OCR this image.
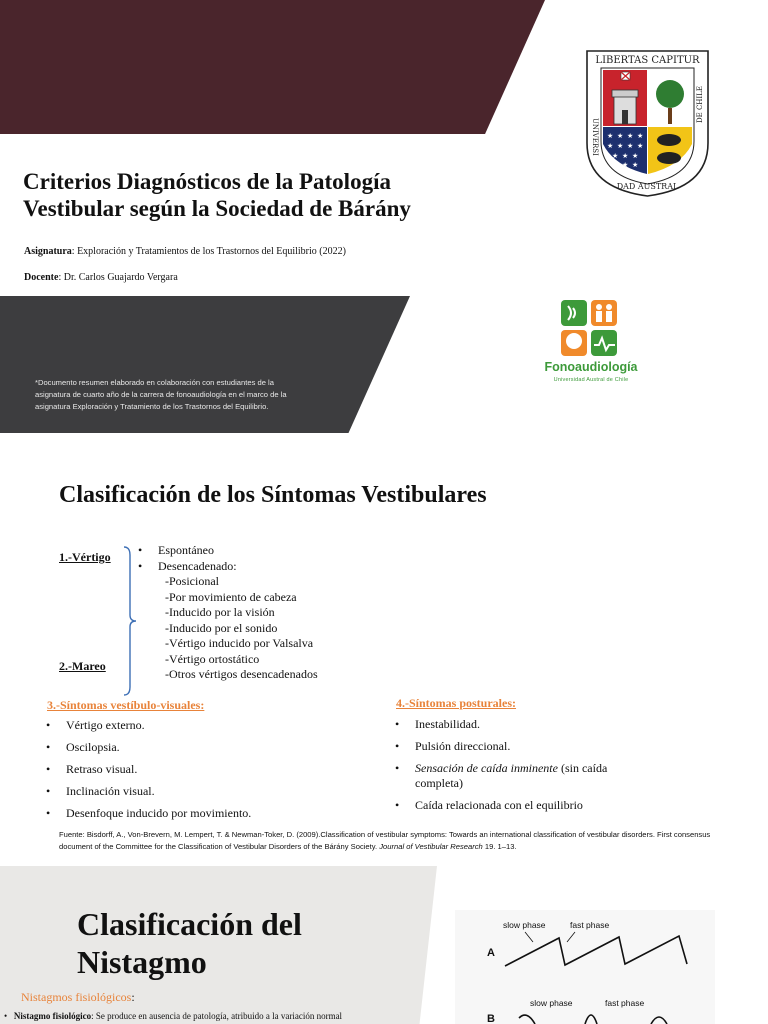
★ ★ ★ ★
★ ★ ★ ★
★ ★ ★
★ ★
LIBERTAS CAPITUR
DAD AUSTRAL
UNIVERSI
DE CHILE
Criterios Diagnósticos de la Patología
Vestibular según la Sociedad de Bárány
Asignatura: Exploración y Tratamientos de los Trastornos del Equilibrio (2022)
Docente: Dr. Carlos Guajardo Vergara
*Documento resumen elaborado en colaboración con estudiantes de la
asignatura de cuarto año de la carrera de fonoaudiología en el marco de la
asignatura Exploración y Tratamiento de los Trastornos del Equilibrio.
Fonoaudiología
Universidad Austral de Chile
Clasificación de los Síntomas Vestibulares
1.-Vértigo
2.-Mareo
• Espontáneo
• Desencadenado:
-Posicional
-Por movimiento de cabeza
-Inducido por la visión
-Inducido por el sonido
-Vértigo inducido por Valsalva
-Vértigo ortostático
-Otros vértigos desencadenados
3.-Síntomas vestíbulo-visuales:
• Vértigo externo.
• Oscilopsia.
• Retraso visual.
• Inclinación visual.
• Desenfoque inducido por movimiento.
4.-Síntomas posturales:
• Inestabilidad.
• Pulsión direccional.
• Sensación de caída inminente (sin caída completa)
• Caída relacionada con el equilibrio
Fuente: Bisdorff, A., Von-Brevern, M. Lempert, T. & Newman-Toker, D. (2009).Classification of vestibular symptoms: Towards an international classification of vestibular disorders. First consensus document of the Committee for the Classification of Vestibular Disorders of the Bárány Society. Journal of Vestibular Research 19. 1–13.
Clasificación del
Nistagmo
Nistagmos fisiológicos:
•   Nistagmo fisiológico: Se produce en ausencia de patología, atribuido a la variación normal
A
slow phase	fast phase
B
slow phase	fast phase
